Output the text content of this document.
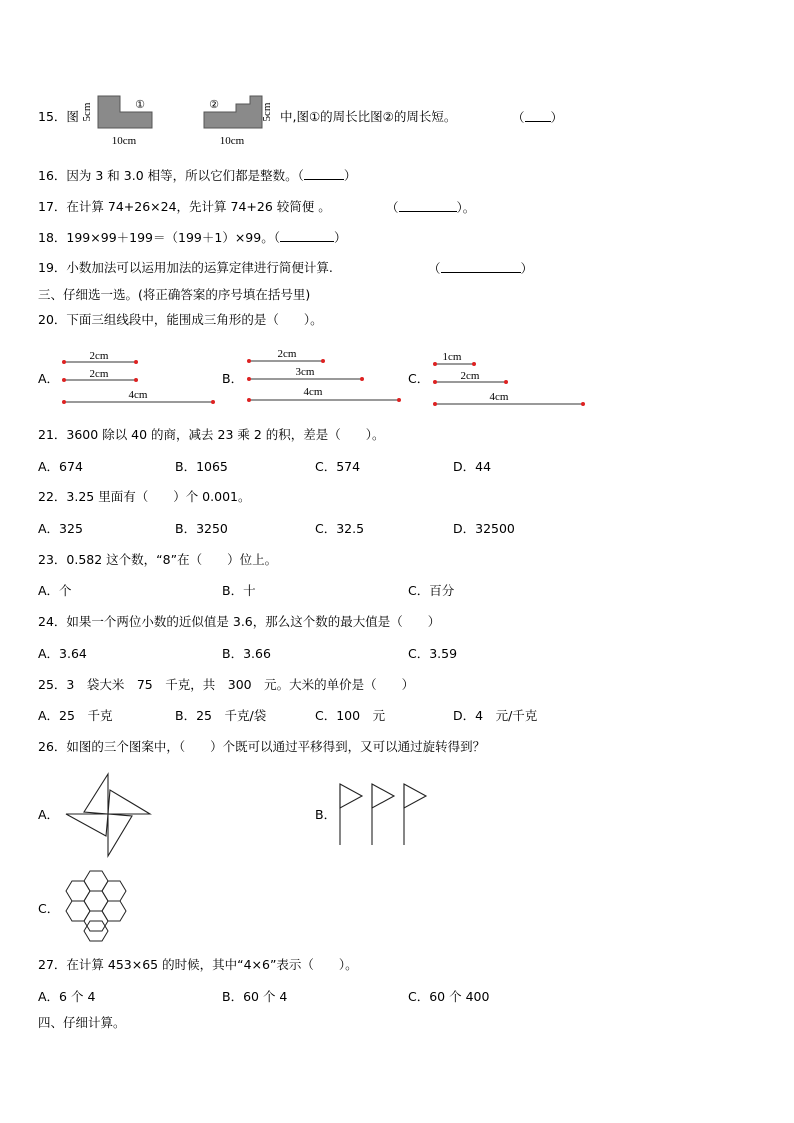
15．图 5cm	①
10cm
②	5cm
10cm
中,图①的周长比图②的周长短。	（ ）
16．因为 3 和 3.0 相等，所以它们都是整数。（	）
17．在计算 74+26×24，先计算 74+26 较简便 。	（	）。
18．199×99＋199＝（199＋1）×99。（	）
19．小数加法可以运用加法的运算定律进行简便计算.	（	）
三、仔细选一选。(将正确答案的序号填在括号里)
20．下面三组线段中，能围成三角形的是（　　）。
A．
2cm
2cm
4cm
B．
2cm
3cm
4cm
C．
1cm
2cm
4cm
21．3600 除以 40 的商，减去 23 乘 2 的积，差是（　　）。
A．674	B．1065	C．574	D．44
22．3.25 里面有（　　）个 0.001。
A．325	B．3250	C．32.5	D．32500
23．0.582 这个数，“8”在（　　）位上。
A．个	B．十	C．百分
24．如果一个两位小数的近似值是 3.6，那么这个数的最大值是（　　）
A．3.64	B．3.66	C．3.59
25．3　袋大米　75　千克，共　300　元。大米的单价是（　　）
A．25　千克	B．25　千克/袋	C．100　元	D．4　元/千克
26．如图的三个图案中，（　　）个既可以通过平移得到，又可以通过旋转得到？
A．	B．
C．
27．在计算 453×65 的时候，其中“4×6”表示（　　）。
A．6 个 4	B．60 个 4	C．60 个 400
四、仔细计算。
